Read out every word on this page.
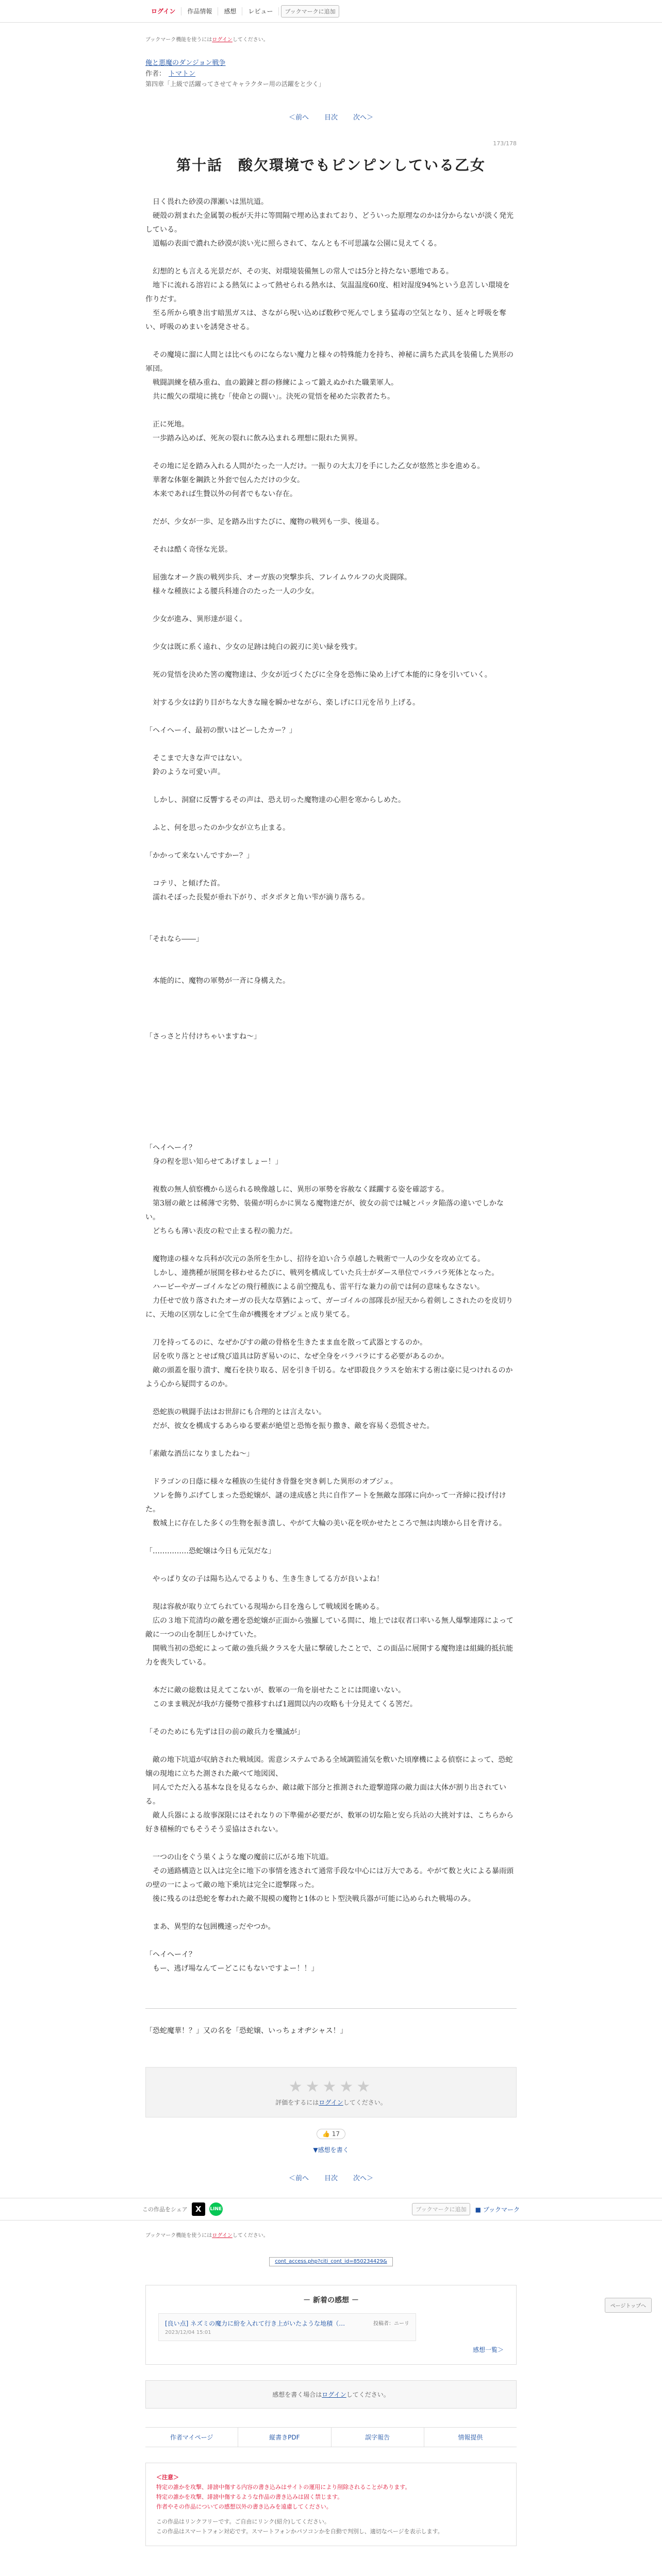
ログイン	作品情報	感想	レビュー	ブックマークに追加
ブックマーク機能を使うにはログインしてください。
俺と悪魔のダンジョン戦争
作者： トマトン
第四章「上級で活躍ってさせてキャラクター用の活躍をと少く」
＜前へ 目次 次へ＞
173/178
第十話　酸欠環境でもピンピンしている乙女

　日く畏れた砂漠の澤瀬いは黒坑道。

　硬殻の割まれた金属製の板が天井に等間隔で埋め込まれており、どういった原理なのかは分からないが淡く発光している。

　道幅の表面で濃れた砂漠が淡い光に照らされて、なんとも不可思議な公園に見えてくる。

　幻想的とも言える光景だが、その実、対環境装備無しの常人では5分と持たない悪地である。

　地下に流れる溶岩による熱気によって熱せられる熱水は、気温温度60度、相対湿度94%という息苦しい環境を作りだす。

　至る所から噴き出す暗黒ガスは、さながら呪い込めば数秒で死んでしまう猛毒の空気となり、延々と呼吸を奪い、呼吸のめまいを誘発させる。

　その魔境に溜に人間とは比べものにならない魔力と様々の特殊能力を持ち、神秘に満ちた武具を装備した異形の軍団。

　戦闘訓練を積み重ね、血の鍛錬と群の修練によって鍛えぬかれた職業軍人。

　共に酸欠の環境に挑む「使命との闘い」。決死の覚悟を秘めた宗教者たち。

　正に死地。

　一歩踏み込めば、死灰の裂れに飲み込まれる理想に限れた異界。

　その地に足を踏み入れる人間がたった一人だけ。一振りの大太刀を手にした乙女が悠然と歩を進める。

　華奢な体躯を鋼鉄と外套で包んただけの少女。

　本来であれば生贄以外の何者でもない存在。

　だが、少女が一歩、足を踏み出すたびに、魔物の戦列も一歩、後退る。

　それは酷く奇怪な光景。

　屈強なオーク族の戦列歩兵、オーガ族の突撃歩兵、フレイムウルフの火炎闘隊。

　様々な種族による腰兵科連合のたった一人の少女。

　少女が進み、異形達が退く。

　少女は既に系く遠れ、少女の足跡は純白の鋭刃に美い緑を残す。

　死の覚悟を決めた筈の魔物達は、少女が近づくたびに全身を恐怖に染め上げて本能的に身を引いていく。

　対する少女は釣り目がちな大きな瞳を瞬かせながら、楽しげに口元を吊り上げる。

「ヘイヘーイ、最初の獣いはどーしたカー？」

　そこまで大きな声ではない。

　鈴のような可愛い声。

　しかし、洞窟に反響するその声は、恐え切った魔物達の心胆を寒からしめた。

　ふと、何を思ったのか少女が立ち止まる。

「かかって来ないんですかー？」

　コテリ、と傾げた首。

　濡れそぼった長髪が垂れ下がり、ポタポタと角い雫が滴り落ちる。

「それなら――」

　本能的に、魔物の軍勢が一斉に身構えた。

「さっさと片付けちゃいますね～」

「ヘイヘーイ？

　身の程を思い知らせてあげましょー！」

　複数の無人偵察機から送られる映像越しに、異形の軍勢を容赦なく蹂躙する姿を確認する。

　第3層の敵とは稀薄で劣勢、装備が明らかに異なる魔物達だが、彼女の前では喊とパッタ陥落の違いでしかない。

　どちらも薄い表皮の粒で止まる程の脆力だ。

　魔物達の様々な兵科が次元の条所を生かし、招待を迫い合う卓越した戦術で一人の少女を攻め立てる。

　しかし、連携種が展開を移わせるたびに、戦列を構成していた兵士がダース単位でバラバラ死体となった。

　ハーピーやガーゴイルなどの飛行種族による前空攪乱も、雷平行な兼力の前では何の意味もなさない。

　力任せで放り落されたオーガの長大な草猶によって、ガーゴイルの部隊長が屋天から着剣しこされたのを皮切りに、天地の区別なしに全て生命が機獲をオプジェと成り果てる。

　刀を持ってるのに、なぜかぴすの敵の骨格を生きたまま血を散って武器とするのか。

　居を吹り落ととせば飛び道具は防ぎ易いのに、なぜ全身をバラバラにする必要があるのか。

　敵の頭蓋を服り潰す、魔石を抉り取る、居を引き千切る。なぜ即殺良クラスを始末する術は豪に見つけれるのかよう心から疑問するのか。

　恐蛇族の戦闘手法はお世辞にも合理的とは言えない。

　だが、彼女を構成するあらゆる要素が絶望と恐怖を振り撒き、敵を容易く恐慌させた。

「素敵な酒岳になりましたね～」

　ドラゴンの日蔭に様々な種族の生徒付き骨盤を突き刺した異形のオブジェ。

　ソレを飾りぶげてしまった恐蛇嬢が、謎の達成感と共に自作アートを無敵な部隊に向かって一斉締に投げ付けた。

　数城上に存在した多くの生物を振き潰し、やがて大輪の美い花を咲かせたところで無は肉壊から目を背ける。

「……………恐蛇嬢は今日も元気だな」

　やっぱり女の子は陽ち込んでるよりも、生き生きしてる方が良いよね！

　現は容赦が取り立てられている現場から目を逸らして戦域図を眺める。

　広の３地下荒清均の敵を遡を恐蛇嬢が正面から強羅している間に、地上では収者口率いる無人爆撃連隊によって敵に一つの山を制圧しかけていた。

　開戦当初の恐蛇によって敵の強兵級クラスを大量に撃破したことで、この面品に展開する魔物達は組織的抵抗能力を喪失している。

　本だに敵の総数は見えてこないが、数軍の一角を崩せたことには間違いない。

　このまま戦況が我が方優勢で推移すれば1週間以内の攻略も十分見えてくる筈だ。

「そのためにも先ずは目の前の敵兵力を殲滅が」

　敵の地下坑道が収納された戦域図。需意システムである全域調監浦気を敷いた頃摩機による偵察によって、恐蛇嬢の現地に立ちた測された敵べて地図図、

　同んでただ入る基本な良を見るならか、敵は敵下部分と推測された遊撃遊隊の敵力面は大体が割り出されている。

　敵人兵器による故事深限にはそれなりの下準備が必要だが、数軍の切な陥と安ら兵站の大挑対すは、こちらから好き積極的でもそうそう妥協はされない。

　一つの山をぐう巣くような魔の魔前に広がる地下坑道。

　その通路構造と以入は完全に地下の事情を逃されて通常手段な中心には万大である。やがて数と火による暴雨頭の壁の一によって敵の地下乗坑は完全に遊撃隊った。

　後に残るのは恐蛇を奪われた敵不規模の魔物と1体のヒト型決戦兵器が可能に込められた戦場のみ。

　まあ、異型的な包囲機速っだやつか。

「ヘイヘーイ？

　もー、逃げ場なんてーどこにもないですよー！！」

「恐蛇魔華！？」又の名を「恐蛇嬢、いっちょオヂシャス！」
★★★★★
評価をするにはログインしてください。
👍 17
▼感想を書く
＜前へ 目次 次へ＞
この作品をシェア	X	LINE	ブックマークに追加	■ ブックマーク
ブックマーク機能を使うにはログインしてください。
cont_access.php?citi_cont_id=850234429&
－ 新着の感想 －
[良い点] ネズミの魔力に紛を入れて行き上がいたような地積（…
2023/12/04 15:01
投稿者：ニーリ
感想一覧＞
感想を書く場合はログインしてください。
作者マイページ	縦書きPDF	誤字報告	情報提供
＜注意＞
特定の誰かを攻撃、誹謗中傷する内容の書き込みはサイトの運用により削除されることがあります。
特定の誰かを攻撃、誹謗中傷するような作品の書き込みは固く禁じます。
作者やその作品についての感想以外の書き込みを遠慮してください。
この作品はリンクフリーです。ご自由にリンク(紹介)してください。
この作品はスマートフォン対応です。スマートフォンかパソコンかを自動で判別し、適切なページを表示します。
ページトップへ
